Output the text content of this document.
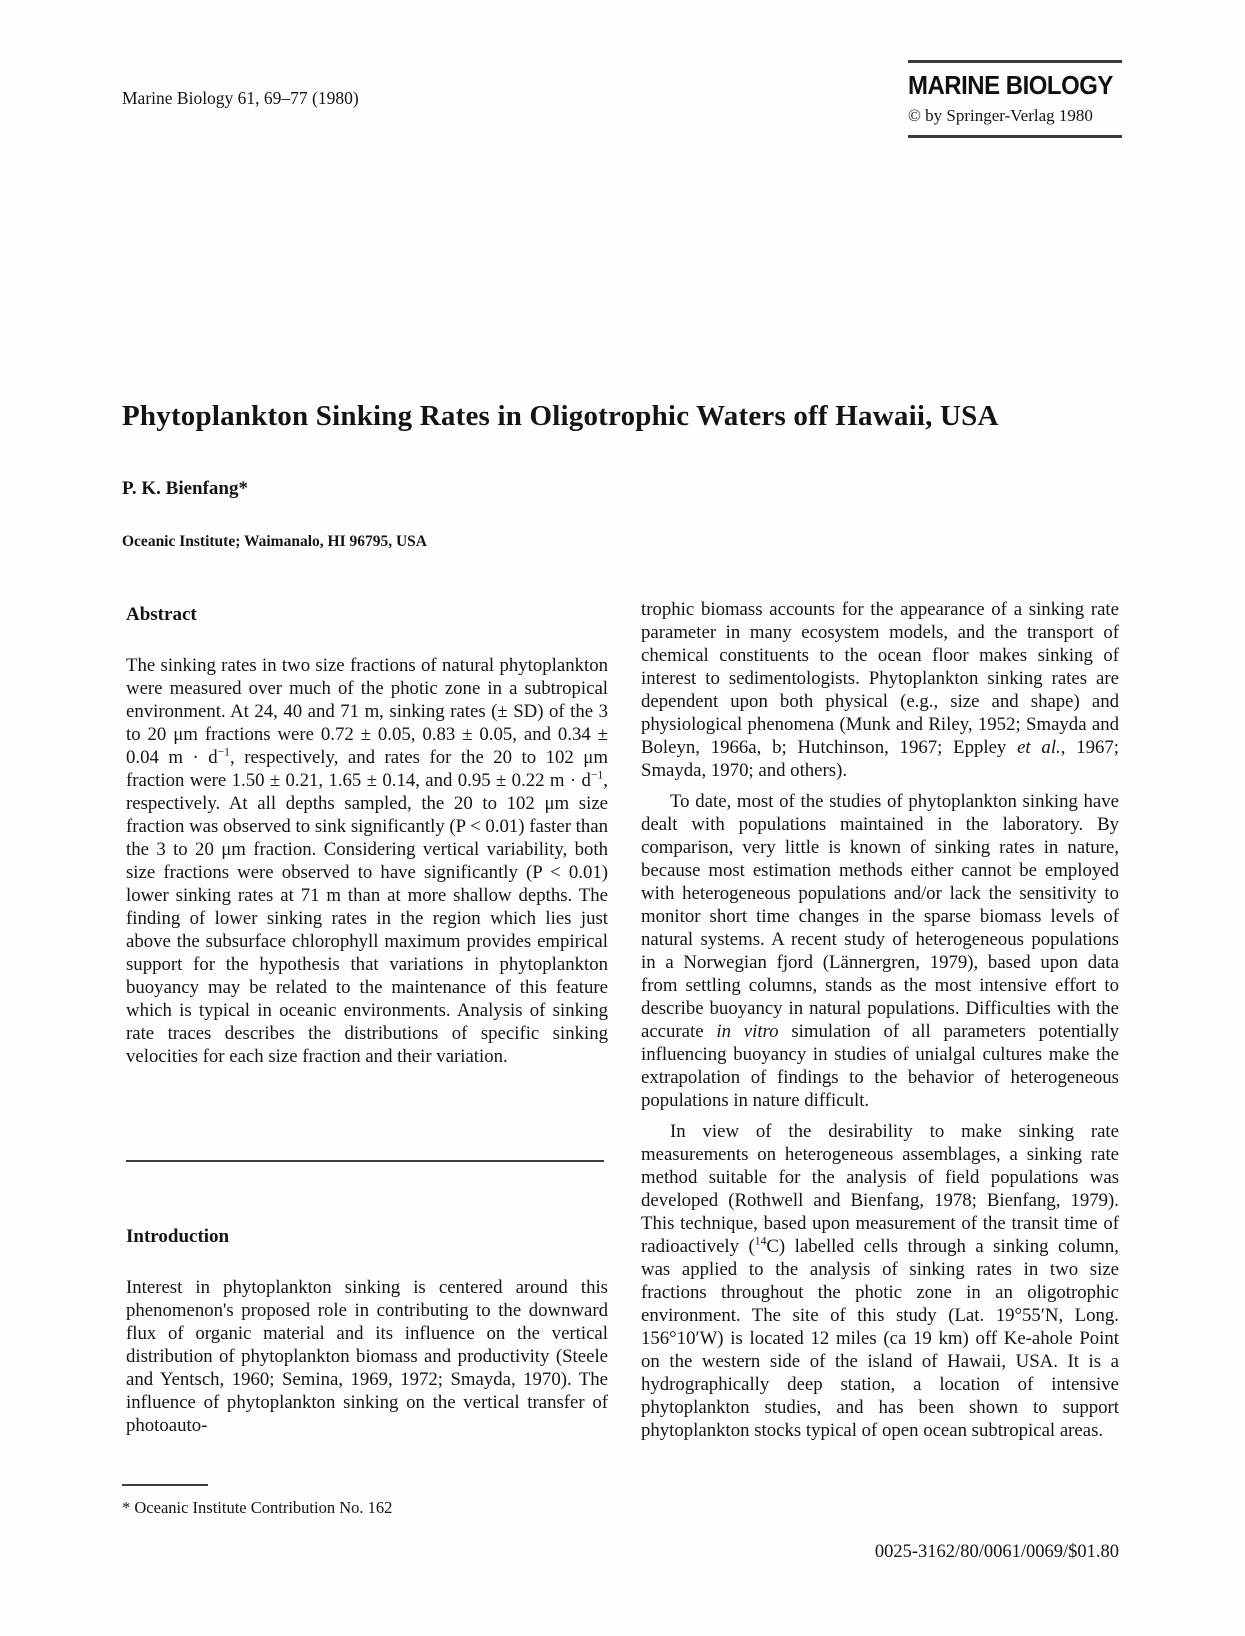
Marine Biology 61, 69–77 (1980)	MARINE BIOLOGY
© by Springer-Verlag 1980
Phytoplankton Sinking Rates in Oligotrophic Waters off Hawaii, USA
P. K. Bienfang*
Oceanic Institute; Waimanalo, HI 96795, USA
Abstract
The sinking rates in two size fractions of natural phytoplankton were measured over much of the photic zone in a subtropical environment. At 24, 40 and 71 m, sinking rates (± SD) of the 3 to 20 μm fractions were 0.72 ± 0.05, 0.83 ± 0.05, and 0.34 ± 0.04 $m \cdot d^{-1}$, respectively, and rates for the 20 to 102 μm fraction were 1.50 ± 0.21, 1.65 ± 0.14, and 0.95 ± 0.22 $m \cdot d^{-1}$, respectively. At all depths sampled, the 20 to 102 μm size fraction was observed to sink significantly (P < 0.01) faster than the 3 to 20 μm fraction. Considering vertical variability, both size fractions were observed to have significantly (P < 0.01) lower sinking rates at 71 m than at more shallow depths. The finding of lower sinking rates in the region which lies just above the subsurface chlorophyll maximum provides empirical support for the hypothesis that variations in phytoplankton buoyancy may be related to the maintenance of this feature which is typical in oceanic environments. Analysis of sinking rate traces describes the distributions of specific sinking velocities for each size fraction and their variation.
Introduction
Interest in phytoplankton sinking is centered around this phenomenon's proposed role in contributing to the downward flux of organic material and its influence on the vertical distribution of phytoplankton biomass and productivity (Steele and Yentsch, 1960; Semina, 1969, 1972; Smayda, 1970). The influence of phytoplankton sinking on the vertical transfer of photoauto-
* Oceanic Institute Contribution No. 162
trophic biomass accounts for the appearance of a sinking rate parameter in many ecosystem models, and the transport of chemical constituents to the ocean floor makes sinking of interest to sedimentologists. Phytoplankton sinking rates are dependent upon both physical (e.g., size and shape) and physiological phenomena (Munk and Riley, 1952; Smayda and Boleyn, 1966a, b; Hutchinson, 1967; Eppley et al., 1967; Smayda, 1970; and others).
To date, most of the studies of phytoplankton sinking have dealt with populations maintained in the laboratory. By comparison, very little is known of sinking rates in nature, because most estimation methods either cannot be employed with heterogeneous populations and/or lack the sensitivity to monitor short time changes in the sparse biomass levels of natural systems. A recent study of heterogeneous populations in a Norwegian fjord (Lännergren, 1979), based upon data from settling columns, stands as the most intensive effort to describe buoyancy in natural populations. Difficulties with the accurate in vitro simulation of all parameters potentially influencing buoyancy in studies of unialgal cultures make the extrapolation of findings to the behavior of heterogeneous populations in nature difficult.
In view of the desirability to make sinking rate measurements on heterogeneous assemblages, a sinking rate method suitable for the analysis of field populations was developed (Rothwell and Bienfang, 1978; Bienfang, 1979). This technique, based upon measurement of the transit time of radioactively ($^{14}$C) labelled cells through a sinking column, was applied to the analysis of sinking rates in two size fractions throughout the photic zone in an oligotrophic environment. The site of this study (Lat. 19°55′N, Long. 156°10′W) is located 12 miles (ca 19 km) off Ke-ahole Point on the western side of the island of Hawaii, USA. It is a hydrographically deep station, a location of intensive phytoplankton studies, and has been shown to support phytoplankton stocks typical of open ocean subtropical areas.
0025-3162/80/0061/0069/$01.80
